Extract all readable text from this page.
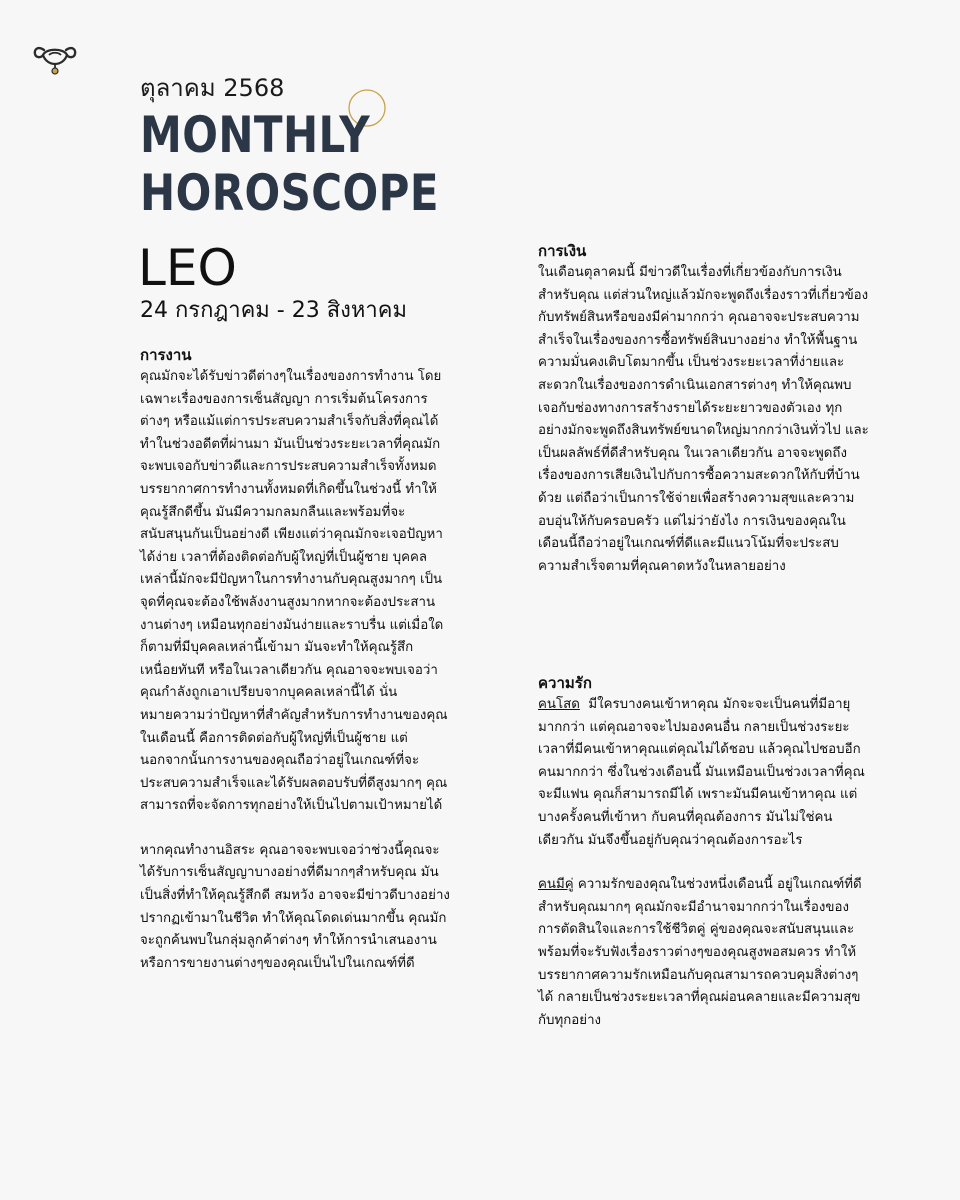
ตุลาคม 2568
MONTHLY HOROSCOPE
LEO
24 กรกฎาคม - 23 สิงหาคม
การงาน

คุณมักจะได้รับข่าวดีต่างๆในเรื่องของการทำงาน โดยเฉพาะเรื่องของการเซ็นสัญญา การเริ่มต้นโครงการต่างๆ หรือแม้แต่การประสบความสำเร็จกับสิ่งที่คุณได้ทำในช่วงอดีตที่ผ่านมา มันเป็นช่วงระยะเวลาที่คุณมักจะพบเจอกับข่าวดีและการประสบความสำเร็จทั้งหมด บรรยากาศการทำงานทั้งหมดที่เกิดขึ้นในช่วงนี้ ทำให้คุณรู้สึกดีขึ้น มันมีความกลมกลืนและพร้อมที่จะสนับสนุนกันเป็นอย่างดี เพียงแต่ว่าคุณมักจะเจอปัญหาได้ง่าย เวลาที่ต้องติดต่อกับผู้ใหญ่ที่เป็นผู้ชาย บุคคลเหล่านี้มักจะมีปัญหาในการทำงานกับคุณสูงมากๆ เป็นจุดที่คุณจะต้องใช้พลังงานสูงมากหากจะต้องประสานงานต่างๆ เหมือนทุกอย่างมันง่ายและราบรื่น แต่เมื่อใดก็ตามที่มีบุคคลเหล่านี้เข้ามา มันจะทำให้คุณรู้สึกเหนื่อยทันที หรือในเวลาเดียวกัน คุณอาจจะพบเจอว่าคุณกำลังถูกเอาเปรียบจากบุคคลเหล่านี้ได้ นั่นหมายความว่าปัญหาที่สำคัญสำหรับการทำงานของคุณในเดือนนี้ คือการติดต่อกับผู้ใหญ่ที่เป็นผู้ชาย แต่นอกจากนั้นการงานของคุณถือว่าอยู่ในเกณฑ์ที่จะประสบความสำเร็จและได้รับผลตอบรับที่ดีสูงมากๆ คุณสามารถที่จะจัดการทุกอย่างให้เป็นไปตามเป้าหมายได้

หากคุณทำงานอิสระ คุณอาจจะพบเจอว่าช่วงนี้คุณจะได้รับการเซ็นสัญญาบางอย่างที่ดีมากๆสำหรับคุณ มันเป็นสิ่งที่ทำให้คุณรู้สึกดี สมหวัง อาจจะมีข่าวดีบางอย่างปรากฏเข้ามาในชีวิต ทำให้คุณโดดเด่นมากขึ้น คุณมักจะถูกค้นพบในกลุ่มลูกค้าต่างๆ ทำให้การนำเสนองานหรือการขายงานต่างๆของคุณเป็นไปในเกณฑ์ที่ดี

การเงิน

ในเดือนตุลาคมนี้ มีข่าวดีในเรื่องที่เกี่ยวข้องกับการเงินสำหรับคุณ แต่ส่วนใหญ่แล้วมักจะพูดถึงเรื่องราวที่เกี่ยวข้องกับทรัพย์สินหรือของมีค่ามากกว่า คุณอาจจะประสบความสำเร็จในเรื่องของการซื้อทรัพย์สินบางอย่าง ทำให้พื้นฐานความมั่นคงเติบโตมากขึ้น เป็นช่วงระยะเวลาที่ง่ายและสะดวกในเรื่องของการดำเนินเอกสารต่างๆ ทำให้คุณพบเจอกับช่องทางการสร้างรายได้ระยะยาวของตัวเอง ทุกอย่างมักจะพูดถึงสินทรัพย์ขนาดใหญ่มากกว่าเงินทั่วไป และเป็นผลลัพธ์ที่ดีสำหรับคุณ ในเวลาเดียวกัน อาจจะพูดถึงเรื่องของการเสียเงินไปกับการซื้อความสะดวกให้กับที่บ้านด้วย แต่ถือว่าเป็นการใช้จ่ายเพื่อสร้างความสุขและความอบอุ่นให้กับครอบครัว แต่ไม่ว่ายังไง การเงินของคุณในเดือนนี้ถือว่าอยู่ในเกณฑ์ที่ดีและมีแนวโน้มที่จะประสบความสำเร็จตามที่คุณคาดหวังในหลายอย่าง

ความรัก

คนโสด มีใครบางคนเข้าหาคุณ มักจะจะเป็นคนที่มีอายุมากกว่า แต่คุณอาจจะไปมองคนอื่น กลายเป็นช่วงระยะเวลาที่มีคนเข้าหาคุณแต่คุณไม่ได้ชอบ แล้วคุณไปชอบอีกคนมากกว่า ซึ่งในช่วงเดือนนี้ มันเหมือนเป็นช่วงเวลาที่คุณจะมีแฟน คุณก็สามารถมีได้ เพราะมันมีคนเข้าหาคุณ แต่บางครั้งคนที่เข้าหา กับคนที่คุณต้องการ มันไม่ใช่คนเดียวกัน มันจึงขึ้นอยู่กับคุณว่าคุณต้องการอะไร

คนมีคู่ ความรักของคุณในช่วงหนึ่งเดือนนี้ อยู่ในเกณฑ์ที่ดีสำหรับคุณมากๆ คุณมักจะมีอำนาจมากกว่าในเรื่องของการตัดสินใจและการใช้ชีวิตคู่ คู่ของคุณจะสนับสนุนและพร้อมที่จะรับฟังเรื่องราวต่างๆของคุณสูงพอสมควร ทำให้บรรยากาศความรักเหมือนกับคุณสามารถควบคุมสิ่งต่างๆได้ กลายเป็นช่วงระยะเวลาที่คุณผ่อนคลายและมีความสุขกับทุกอย่าง
